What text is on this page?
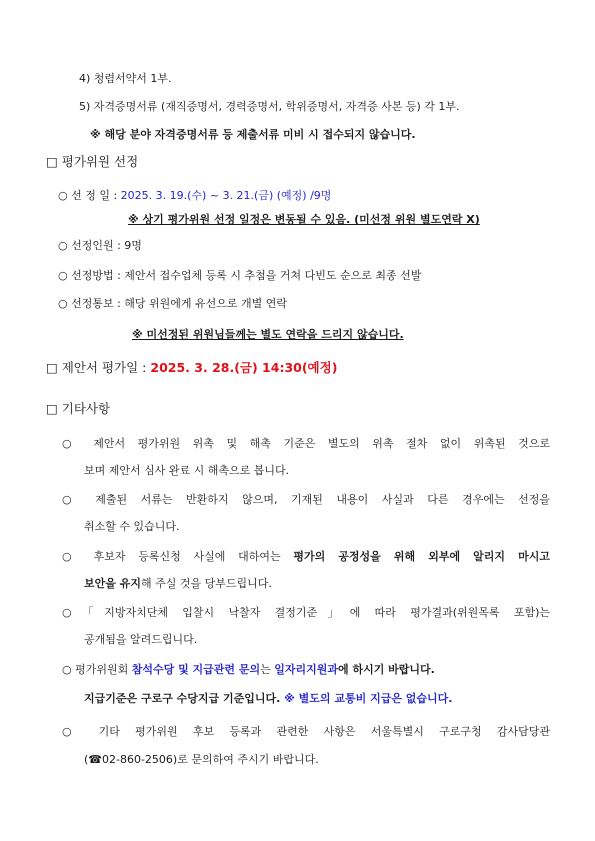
4) 청렴서약서 1부.
5) 자격증명서류 (재직증명서, 경력증명서, 학위증명서, 자격증 사본 등) 각 1부.
※ 해당 분야 자격증명서류 등 제출서류 미비 시 접수되지 않습니다.
□ 평가위원 선정
○ 선 정 일 : 2025. 3. 19.(수) ~ 3. 21.(금) (예정) /9명
※ 상기 평가위원 선정 일정은 변동될 수 있음. (미선정 위원 별도연락 X)
○ 선정인원 : 9명
○ 선정방법 : 제안서 접수업체 등록 시 추첨을 거쳐 다빈도 순으로 최종 선발
○ 선정통보 : 해당 위원에게 유선으로 개별 연락
※ 미선정된 위원님들께는 별도 연락을 드리지 않습니다.
□ 제안서 평가일 : 2025. 3. 28.(금) 14:30(예정)
□ 기타사항
○ 제안서 평가위원 위촉 및 해촉 기준은 별도의 위촉 절차 없이 위촉된 것으로
보며 제안서 심사 완료 시 해촉으로 봅니다.
○ 제출된 서류는 반환하지 않으며, 기재된 내용이 사실과 다른 경우에는 선정을
취소할 수 있습니다.
○ 후보자 등록신청 사실에 대하여는 평가의 공정성을 위해 외부에 알리지 마시고
보안을 유지해 주실 것을 당부드립니다.
○「지방자치단체 입찰시 낙찰자 결정기준」에 따라 평가결과(위원목록 포함)는
공개됨을 알려드립니다.
○ 평가위원회 참석수당 및 지급관련 문의는 일자리지원과에 하시기 바랍니다.
지급기준은 구로구 수당지급 기준입니다. ※ 별도의 교통비 지급은 없습니다.
○ 기타 평가위원 후보 등록과 관련한 사항은 서울특별시 구로구청 감사담당관
(☎02-860-2506)로 문의하여 주시기 바랍니다.
